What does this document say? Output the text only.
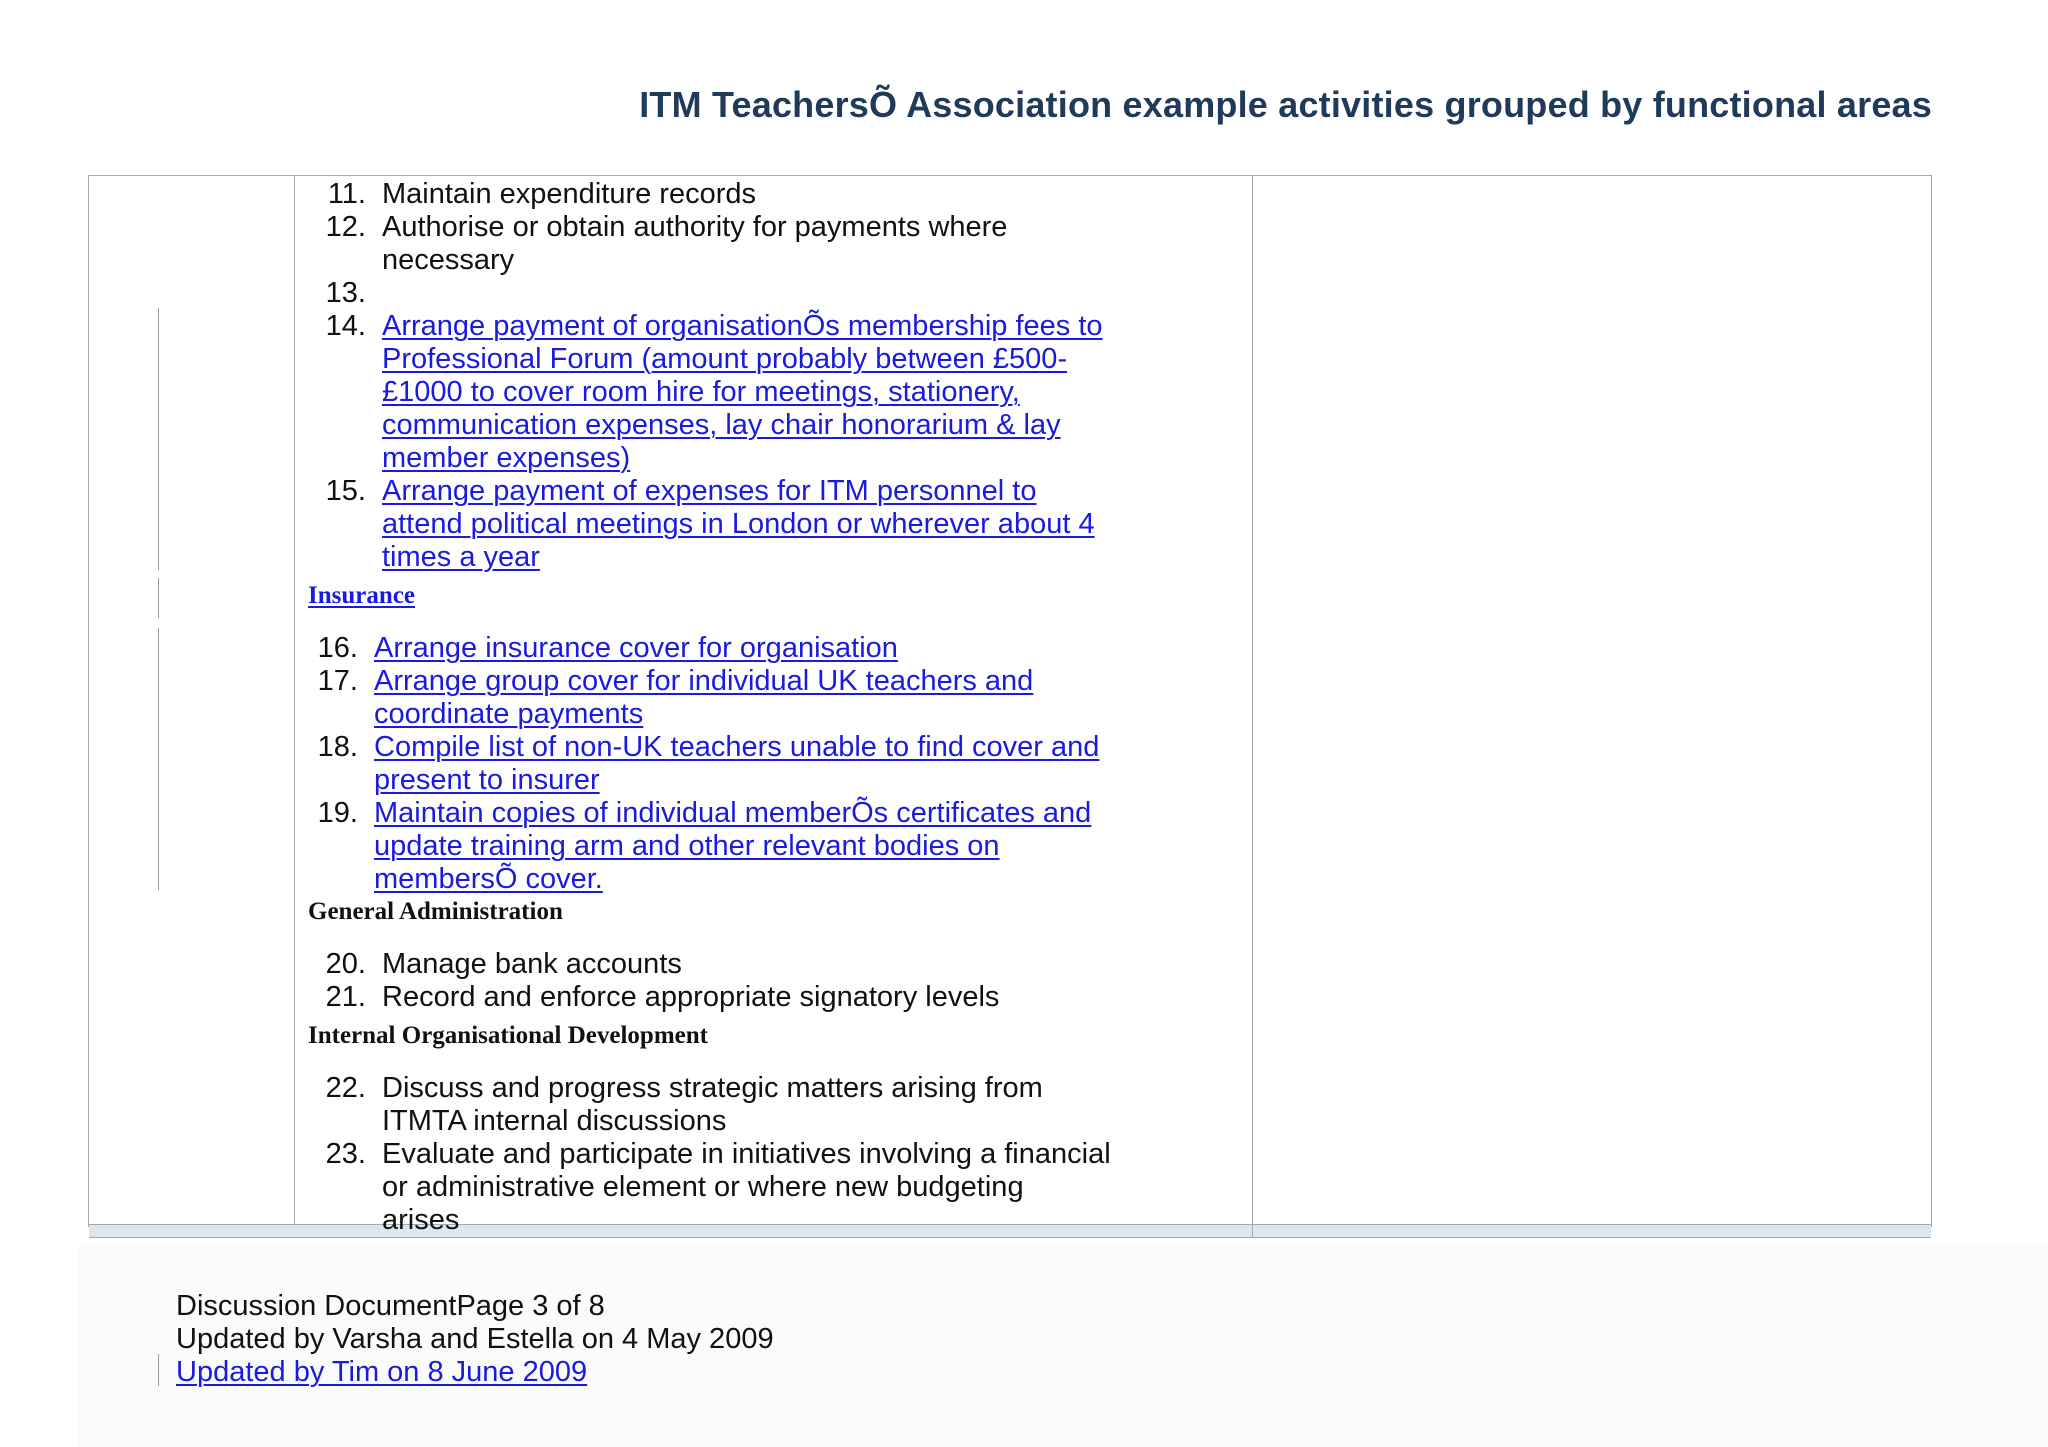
ITM TeachersÕ Association example activities grouped by functional areas
11. Maintain expenditure records
12. Authorise or obtain authority for payments where
necessary
13.
14. Arrange payment of organisationÕs membership fees to
Professional Forum (amount probably between £500-
£1000 to cover room hire for meetings, stationery,
communication expenses, lay chair honorarium & lay
member expenses)
15. Arrange payment of expenses for ITM personnel to
attend political meetings in London or wherever about 4
times a year
Insurance
16. Arrange insurance cover for organisation
17. Arrange group cover for individual UK teachers and
coordinate payments
18. Compile list of non-UK teachers unable to find cover and
present to insurer
19. Maintain copies of individual memberÕs certificates and
update training arm and other relevant bodies on
membersÕ cover.
General Administration
20. Manage bank accounts
21. Record and enforce appropriate signatory levels
Internal Organisational Development
22. Discuss and progress strategic matters arising from
ITMTA internal discussions
23. Evaluate and participate in initiatives involving a financial
or administrative element or where new budgeting
arises
Discussion DocumentPage 3 of 8
Updated by Varsha and Estella on 4 May 2009
Updated by Tim on 8 June 2009
